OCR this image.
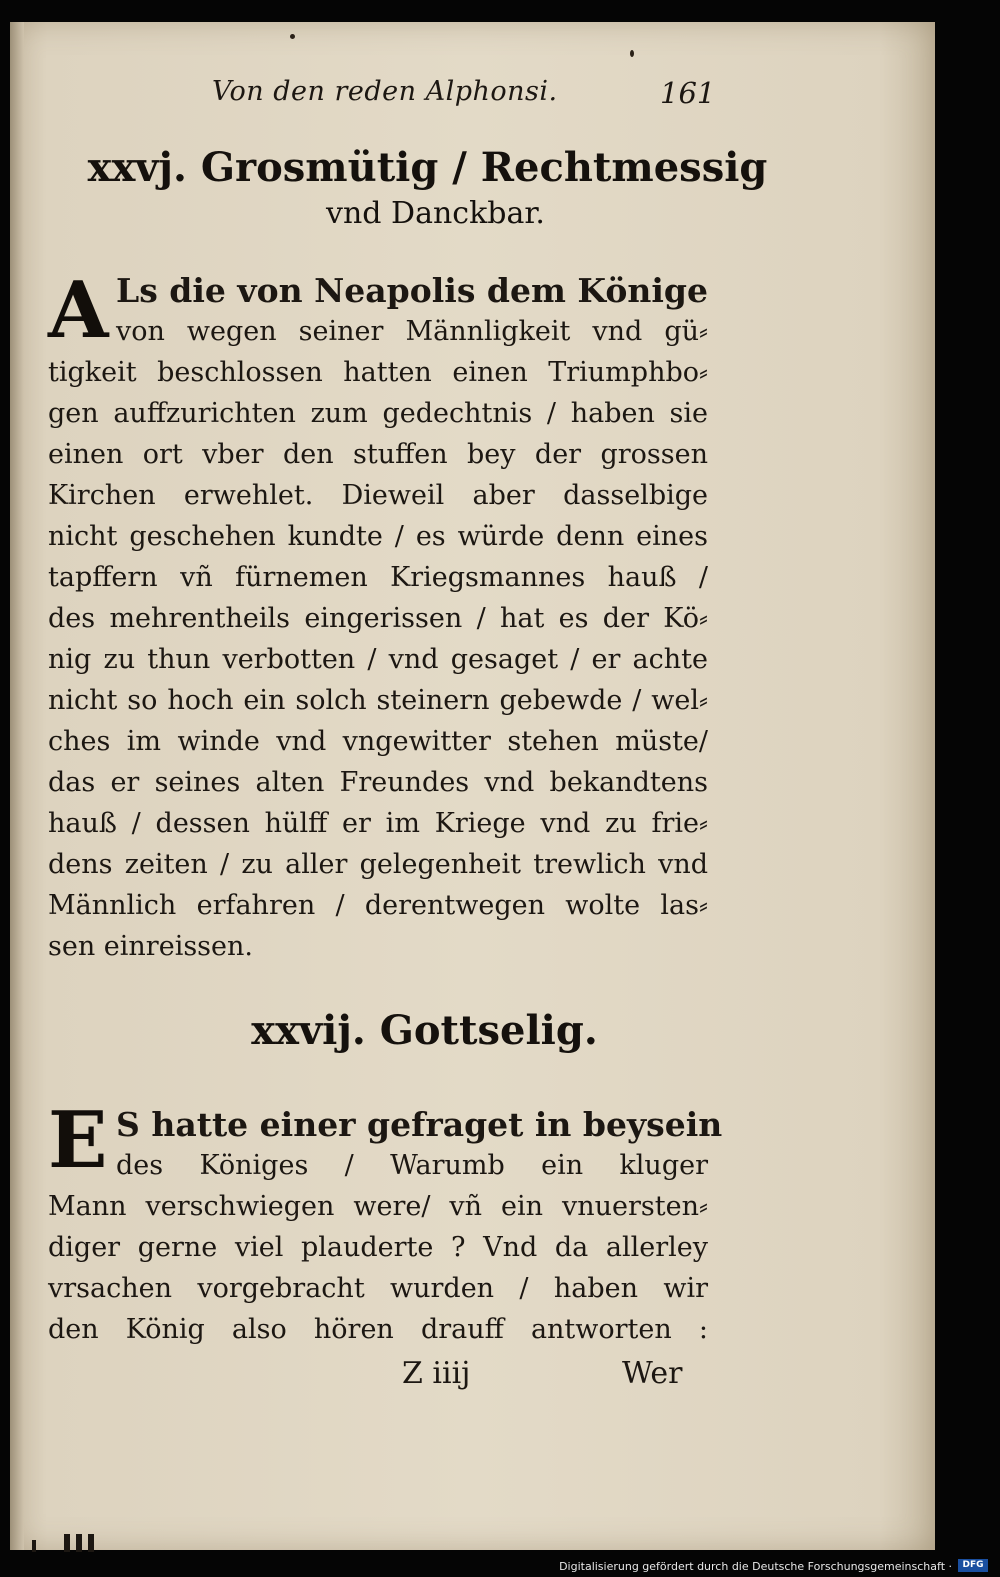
Von den reden Alphonsi.	161
xxvj. Grosmütig / Rechtmessig
vnd Danckbar.
A Ls die von Neapolis dem Könige
von wegen seiner Männligkeit vnd gü⸗
tigkeit beschlossen hatten einen Triumphbo⸗
gen auffzurichten zum gedechtnis / haben sie
einen ort vber den stuffen bey der grossen
Kirchen erwehlet. Dieweil aber dasselbige
nicht geschehen kundte / es würde denn eines
tapffern vñ fürnemen Kriegsmannes hauß /
des mehrentheils eingerissen / hat es der Kö⸗
nig zu thun verbotten / vnd gesaget / er achte
nicht so hoch ein solch steinern gebewde / wel⸗
ches im winde vnd vngewitter stehen müste/
das er seines alten Freundes vnd bekandtens
hauß / dessen hülff er im Kriege vnd zu frie⸗
dens zeiten / zu aller gelegenheit trewlich vnd
Männlich erfahren / derentwegen wolte las⸗
sen einreissen.
xxvij. Gottselig.
E S hatte einer gefraget in beysein
des Königes / Warumb ein kluger
Mann verschwiegen were/ vñ ein vnuersten⸗
diger gerne viel plauderte ? Vnd da allerley
vrsachen vorgebracht wurden / haben wir
den König also hören drauff antworten :
Z iiij	Wer
Digitalisierung gefördert durch die Deutsche Forschungsgemeinschaft ·	DFG
